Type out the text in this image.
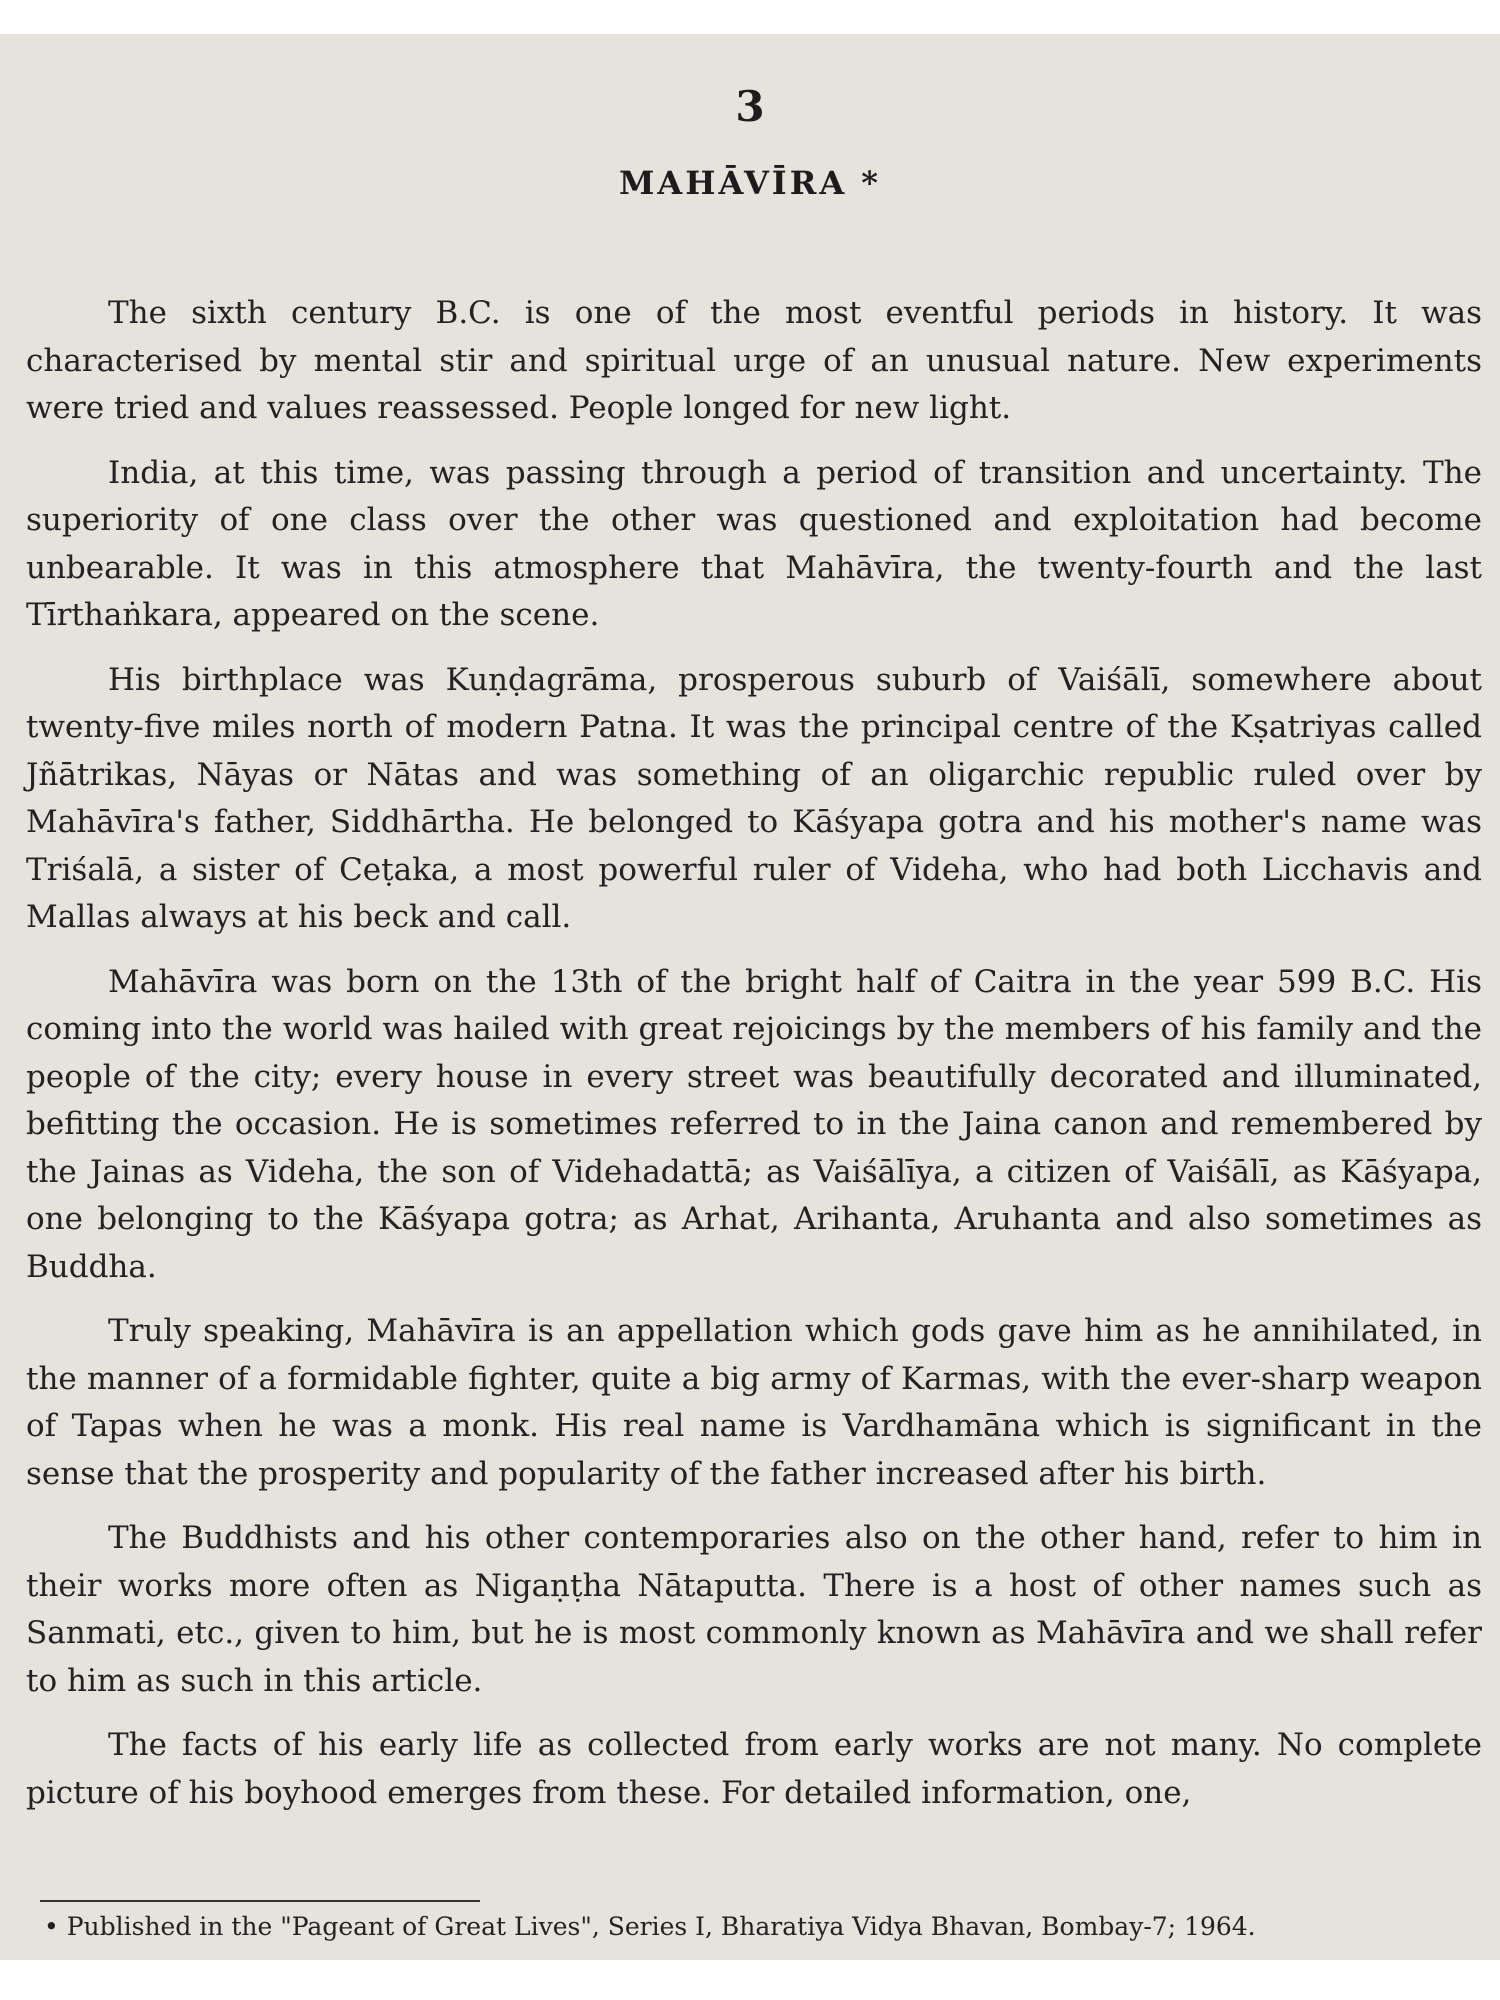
3
MAHĀVĪRA *

The sixth century B.C. is one of the most eventful periods in history. It was characterised by mental stir and spiritual urge of an unusual nature. New experiments were tried and values reassessed. People longed for new light.

India, at this time, was passing through a period of transition and uncertainty. The superiority of one class over the other was questioned and exploitation had become unbearable. It was in this atmosphere that Mahāvīra, the twenty-fourth and the last Tīrthaṅkara, appeared on the scene.

His birthplace was Kuṇḍagrāma, prosperous suburb of Vaiśālī, somewhere about twenty-five miles north of modern Patna. It was the principal centre of the Kṣatriyas called Jñātrikas, Nāyas or Nātas and was something of an oligarchic republic ruled over by Mahāvīra's father, Siddhārtha. He belonged to Kāśyapa gotra and his mother's name was Triśalā, a sister of Ceṭaka, a most powerful ruler of Videha, who had both Licchavis and Mallas always at his beck and call.

Mahāvīra was born on the 13th of the bright half of Caitra in the year 599 B.C. His coming into the world was hailed with great rejoicings by the members of his family and the people of the city; every house in every street was beautifully decorated and illuminated, befitting the occasion. He is sometimes referred to in the Jaina canon and remembered by the Jainas as Videha, the son of Videhadattā; as Vaiśālīya, a citizen of Vaiśālī, as Kāśyapa, one belonging to the Kāśyapa gotra; as Arhat, Arihanta, Aruhanta and also sometimes as Buddha.

Truly speaking, Mahāvīra is an appellation which gods gave him as he annihilated, in the manner of a formidable fighter, quite a big army of Karmas, with the ever-sharp weapon of Tapas when he was a monk. His real name is Vardhamāna which is significant in the sense that the prosperity and popularity of the father increased after his birth.

The Buddhists and his other contemporaries also on the other hand, refer to him in their works more often as Nigaṇṭha Nātaputta. There is a host of other names such as Sanmati, etc., given to him, but he is most commonly known as Mahāvīra and we shall refer to him as such in this article.

The facts of his early life as collected from early works are not many. No complete picture of his boyhood emerges from these. For detailed information, one,

• Published in the "Pageant of Great Lives", Series I, Bharatiya Vidya Bhavan, Bombay-7; 1964.
